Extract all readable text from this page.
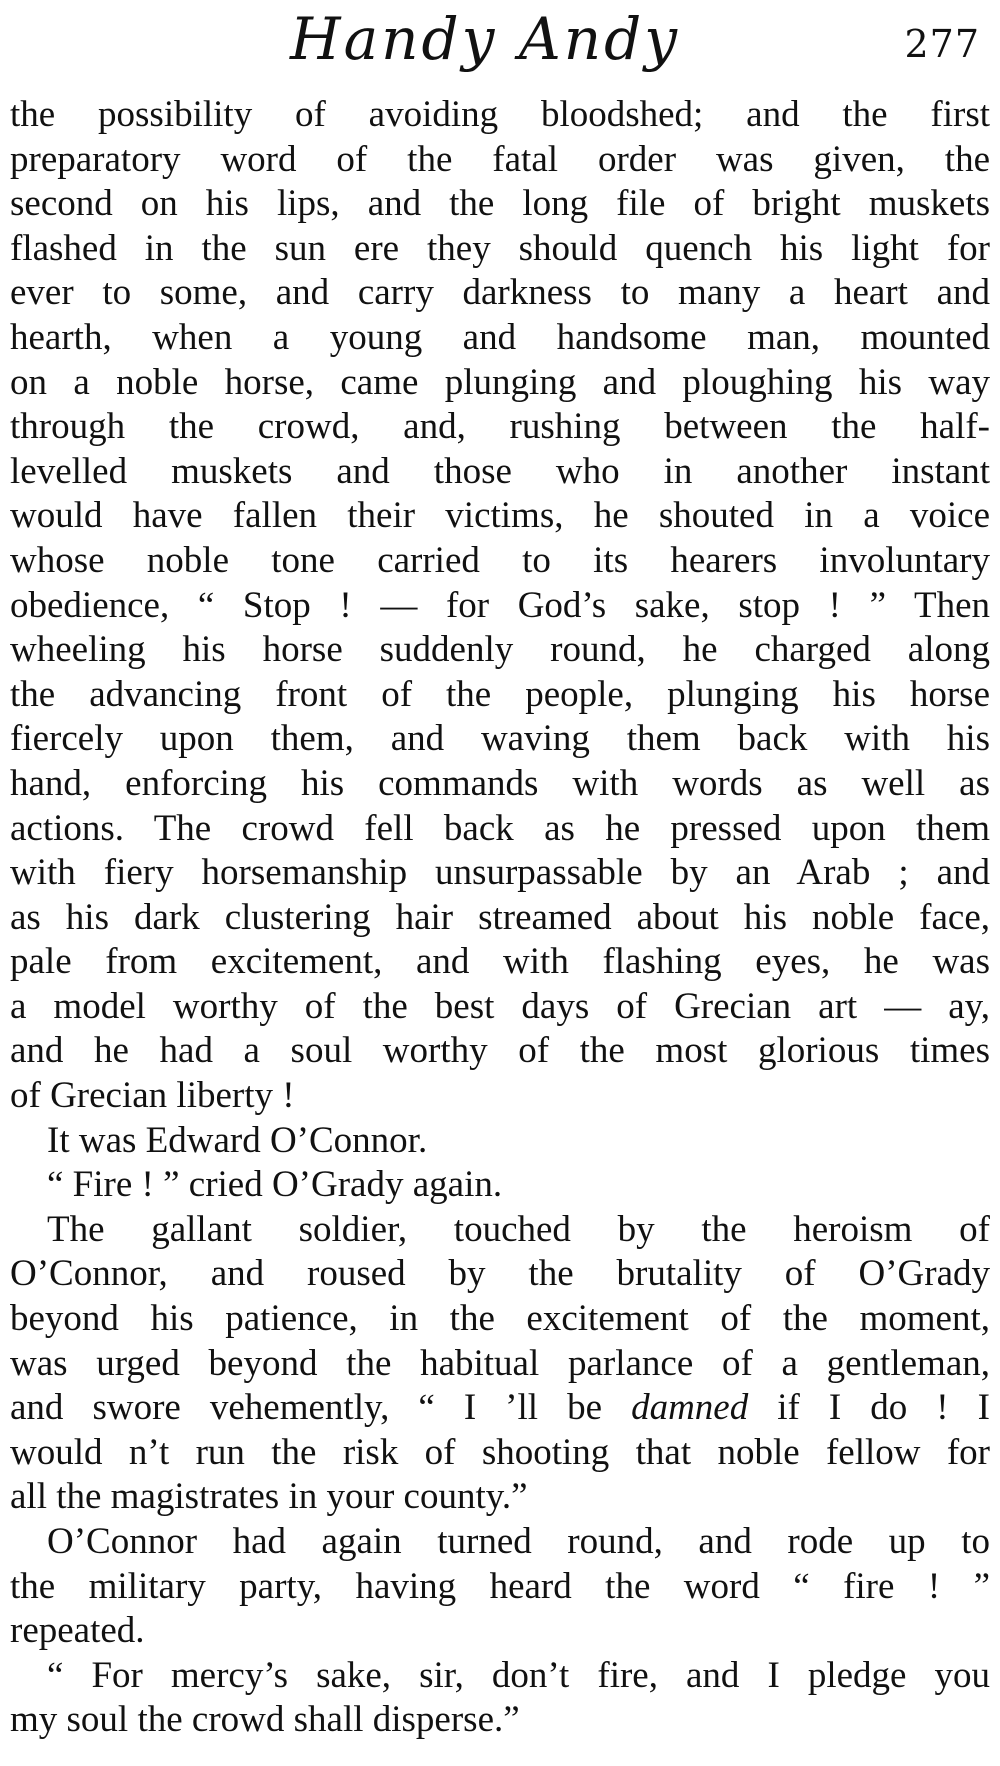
Handy Andy	277
the possibility of avoiding bloodshed; and the first
preparatory word of the fatal order was given, the
second on his lips, and the long file of bright muskets
flashed in the sun ere they should quench his light for
ever to some, and carry darkness to many a heart and
hearth, when a young and handsome man, mounted
on a noble horse, came plunging and ploughing his way
through the crowd, and, rushing between the half-
levelled muskets and those who in another instant
would have fallen their victims, he shouted in a voice
whose noble tone carried to its hearers involuntary
obedience, “ Stop ! — for God’s sake, stop ! ” Then
wheeling his horse suddenly round, he charged along
the advancing front of the people, plunging his horse
fiercely upon them, and waving them back with his
hand, enforcing his commands with words as well as
actions. The crowd fell back as he pressed upon them
with fiery horsemanship unsurpassable by an Arab ; and
as his dark clustering hair streamed about his noble face,
pale from excitement, and with flashing eyes, he was
a model worthy of the best days of Grecian art — ay,
and he had a soul worthy of the most glorious times
of Grecian liberty !
It was Edward O’Connor.
“ Fire ! ” cried O’Grady again.
The gallant soldier, touched by the heroism of
O’Connor, and roused by the brutality of O’Grady
beyond his patience, in the excitement of the moment,
was urged beyond the habitual parlance of a gentleman,
and swore vehemently, “ I ’ll be damned if I do ! I
would n’t run the risk of shooting that noble fellow for
all the magistrates in your county.”
O’Connor had again turned round, and rode up to
the military party, having heard the word “ fire ! ”
repeated.
“ For mercy’s sake, sir, don’t fire, and I pledge you
my soul the crowd shall disperse.”
